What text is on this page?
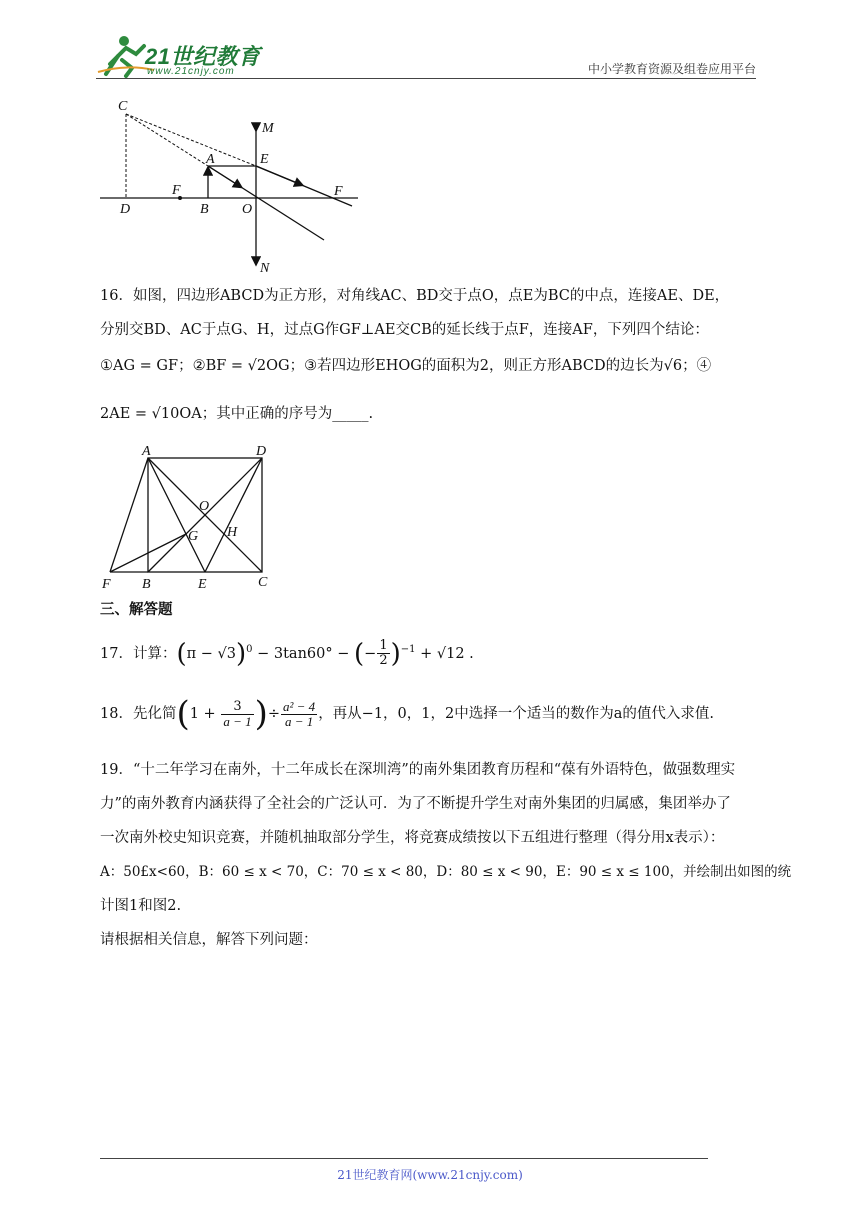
21世纪教育
www.21cnjy.com	中小学教育资源及组卷应用平台
C
M
A	E
F	F
D	B O
N
16．如图，四边形ABCD为正方形，对角线AC、BD交于点O，点E为BC的中点，连接AE、DE，
分别交BD、AC于点G、H，过点G作GF⊥AE交CB的延长线于点F，连接AF，下列四个结论：
①AG = GF；②BF = √2OG；③若四边形EHOG的面积为2，则正方形ABCD的边长为√6；④
2AE = √10OA；其中正确的序号为_____.
A	D
O
G H
F B	E	C
三、解答题
17．计算：$(\pi - √3)^0 - 3\tan 60^\circ$ − (− $\frac{1}{2} )^{-1} + √12$ .
18．先化简($1 + \frac{3}{a - 1}$ )÷ $\frac{\text{a² − 4}}{a - 1}$ ，再从−1，0，1，2中选择一个适当的数作为a的值代入求值.
19．“十二年学习在南外，十二年成长在深圳湾”的南外集团教育历程和“葆有外语特色，做强数理实
力”的南外教育内涵获得了全社会的广泛认可．为了不断提升学生对南外集团的归属感，集团举办了
一次南外校史知识竞赛，并随机抽取部分学生，将竞赛成绩按以下五组进行整理（得分用x表示）：
A：50£x<60，B：60 ≤ x < 70，C：70 ≤ x < 80，D：80 ≤ x < 90，E：90 ≤ x ≤ 100，并绘制出如图的统
计图1和图2.
请根据相关信息，解答下列问题：
21世纪教育网(www.21cnjy.com)
